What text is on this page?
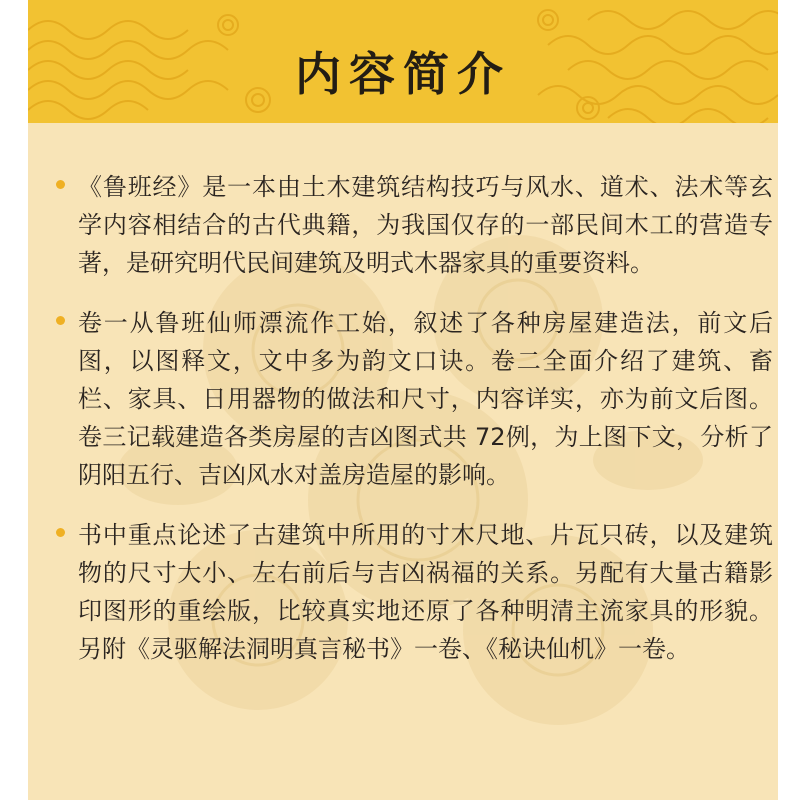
内容简介

《鲁班经》是一本由土木建筑结构技巧与风水、道术、法术等玄学内容相结合的古代典籍，为我国仅存的一部民间木工的营造专著，是研究明代民间建筑及明式木器家具的重要资料。

卷一从鲁班仙师漂流作工始，叙述了各种房屋建造法，前文后图，以图释文，文中多为韵文口诀。卷二全面介绍了建筑、畜栏、家具、日用器物的做法和尺寸，内容详实，亦为前文后图。卷三记载建造各类房屋的吉凶图式共 72例，为上图下文，分析了阴阳五行、吉凶风水对盖房造屋的影响。

书中重点论述了古建筑中所用的寸木尺地、片瓦只砖，以及建筑物的尺寸大小、左右前后与吉凶祸福的关系。另配有大量古籍影印图形的重绘版，比较真实地还原了各种明清主流家具的形貌。另附《灵驱解法洞明真言秘书》一卷、《秘诀仙机》一卷。
